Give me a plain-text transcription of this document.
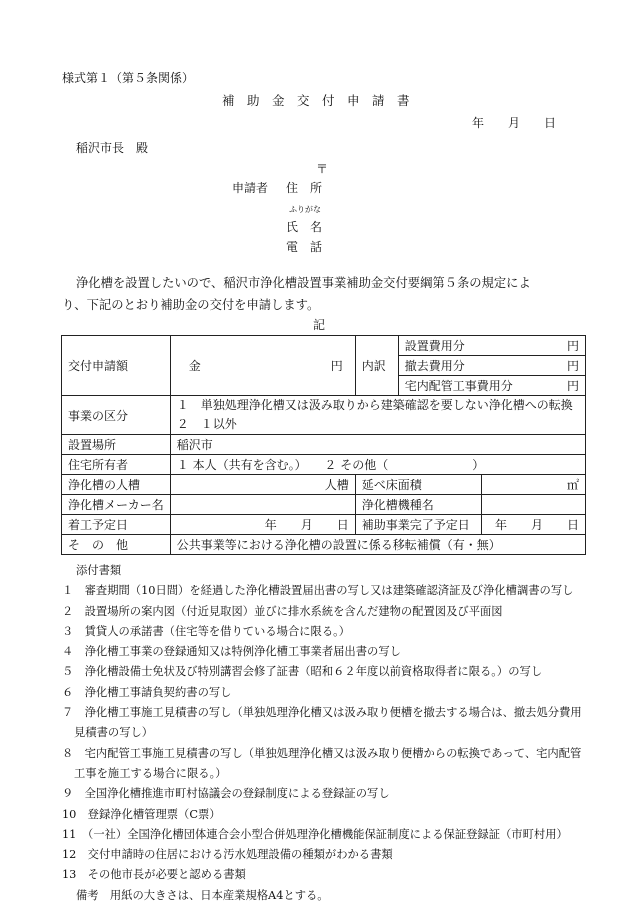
様式第１（第５条関係）
補　助　金　交　付　申　請　書
年　　月　　日
稲沢市長　殿
〒
申請者 住　所
ふりがな
氏　名
電　話
浄化槽を設置したいので、稲沢市浄化槽設置事業補助金交付要綱第５条の規定によ
り、下記のとおり補助金の交付を申請します。
記
交付申請額	金 円	内訳	設置費用分 円	

			撤去費用分 円	

			宅内配管工事費用分 円	

事業の区分	１　単独処理浄化槽又は汲み取りから建築確認を要しない浄化槽への転換
２　１以外			

設置場所	稲沢市			
住宅所有者	１ 本人（共有を含む。） ２ その他（　　　　　　　）			
浄化槽の人槽	人槽	延べ床面積		㎡
浄化槽メーカー名		浄化槽機種名		
着工予定日	年　　月　　日	補助事業完了予定日		年　　月　　日
そ　の　他	公共事業等における浄化槽の設置に係る移転補償（有・無）			
添付書類
１　審査期間（10日間）を経過した浄化槽設置届出書の写し又は建築確認済証及び浄化槽調書の写し
２　設置場所の案内図（付近見取図）並びに排水系統を含んだ建物の配置図及び平面図
３　賃貸人の承諾書（住宅等を借りている場合に限る。）
４　浄化槽工事業の登録通知又は特例浄化槽工事業者届出書の写し
５　浄化槽設備士免状及び特別講習会修了証書（昭和６２年度以前資格取得者に限る。）の写し
６　浄化槽工事請負契約書の写し
７　浄化槽工事施工見積書の写し（単独処理浄化槽又は汲み取り便槽を撤去する場合は、撤去処分費用
見積書の写し）
８　宅内配管工事施工見積書の写し（単独処理浄化槽又は汲み取り便槽からの転換であって、宅内配管
工事を施工する場合に限る。）
９　全国浄化槽推進市町村協議会の登録制度による登録証の写し
10　登録浄化槽管理票（C票）
11　（一社）全国浄化槽団体連合会小型合併処理浄化槽機能保証制度による保証登録証（市町村用）
12　交付申請時の住居における汚水処理設備の種類がわかる書類
13　その他市長が必要と認める書類
備考　用紙の大きさは、日本産業規格A4とする。
